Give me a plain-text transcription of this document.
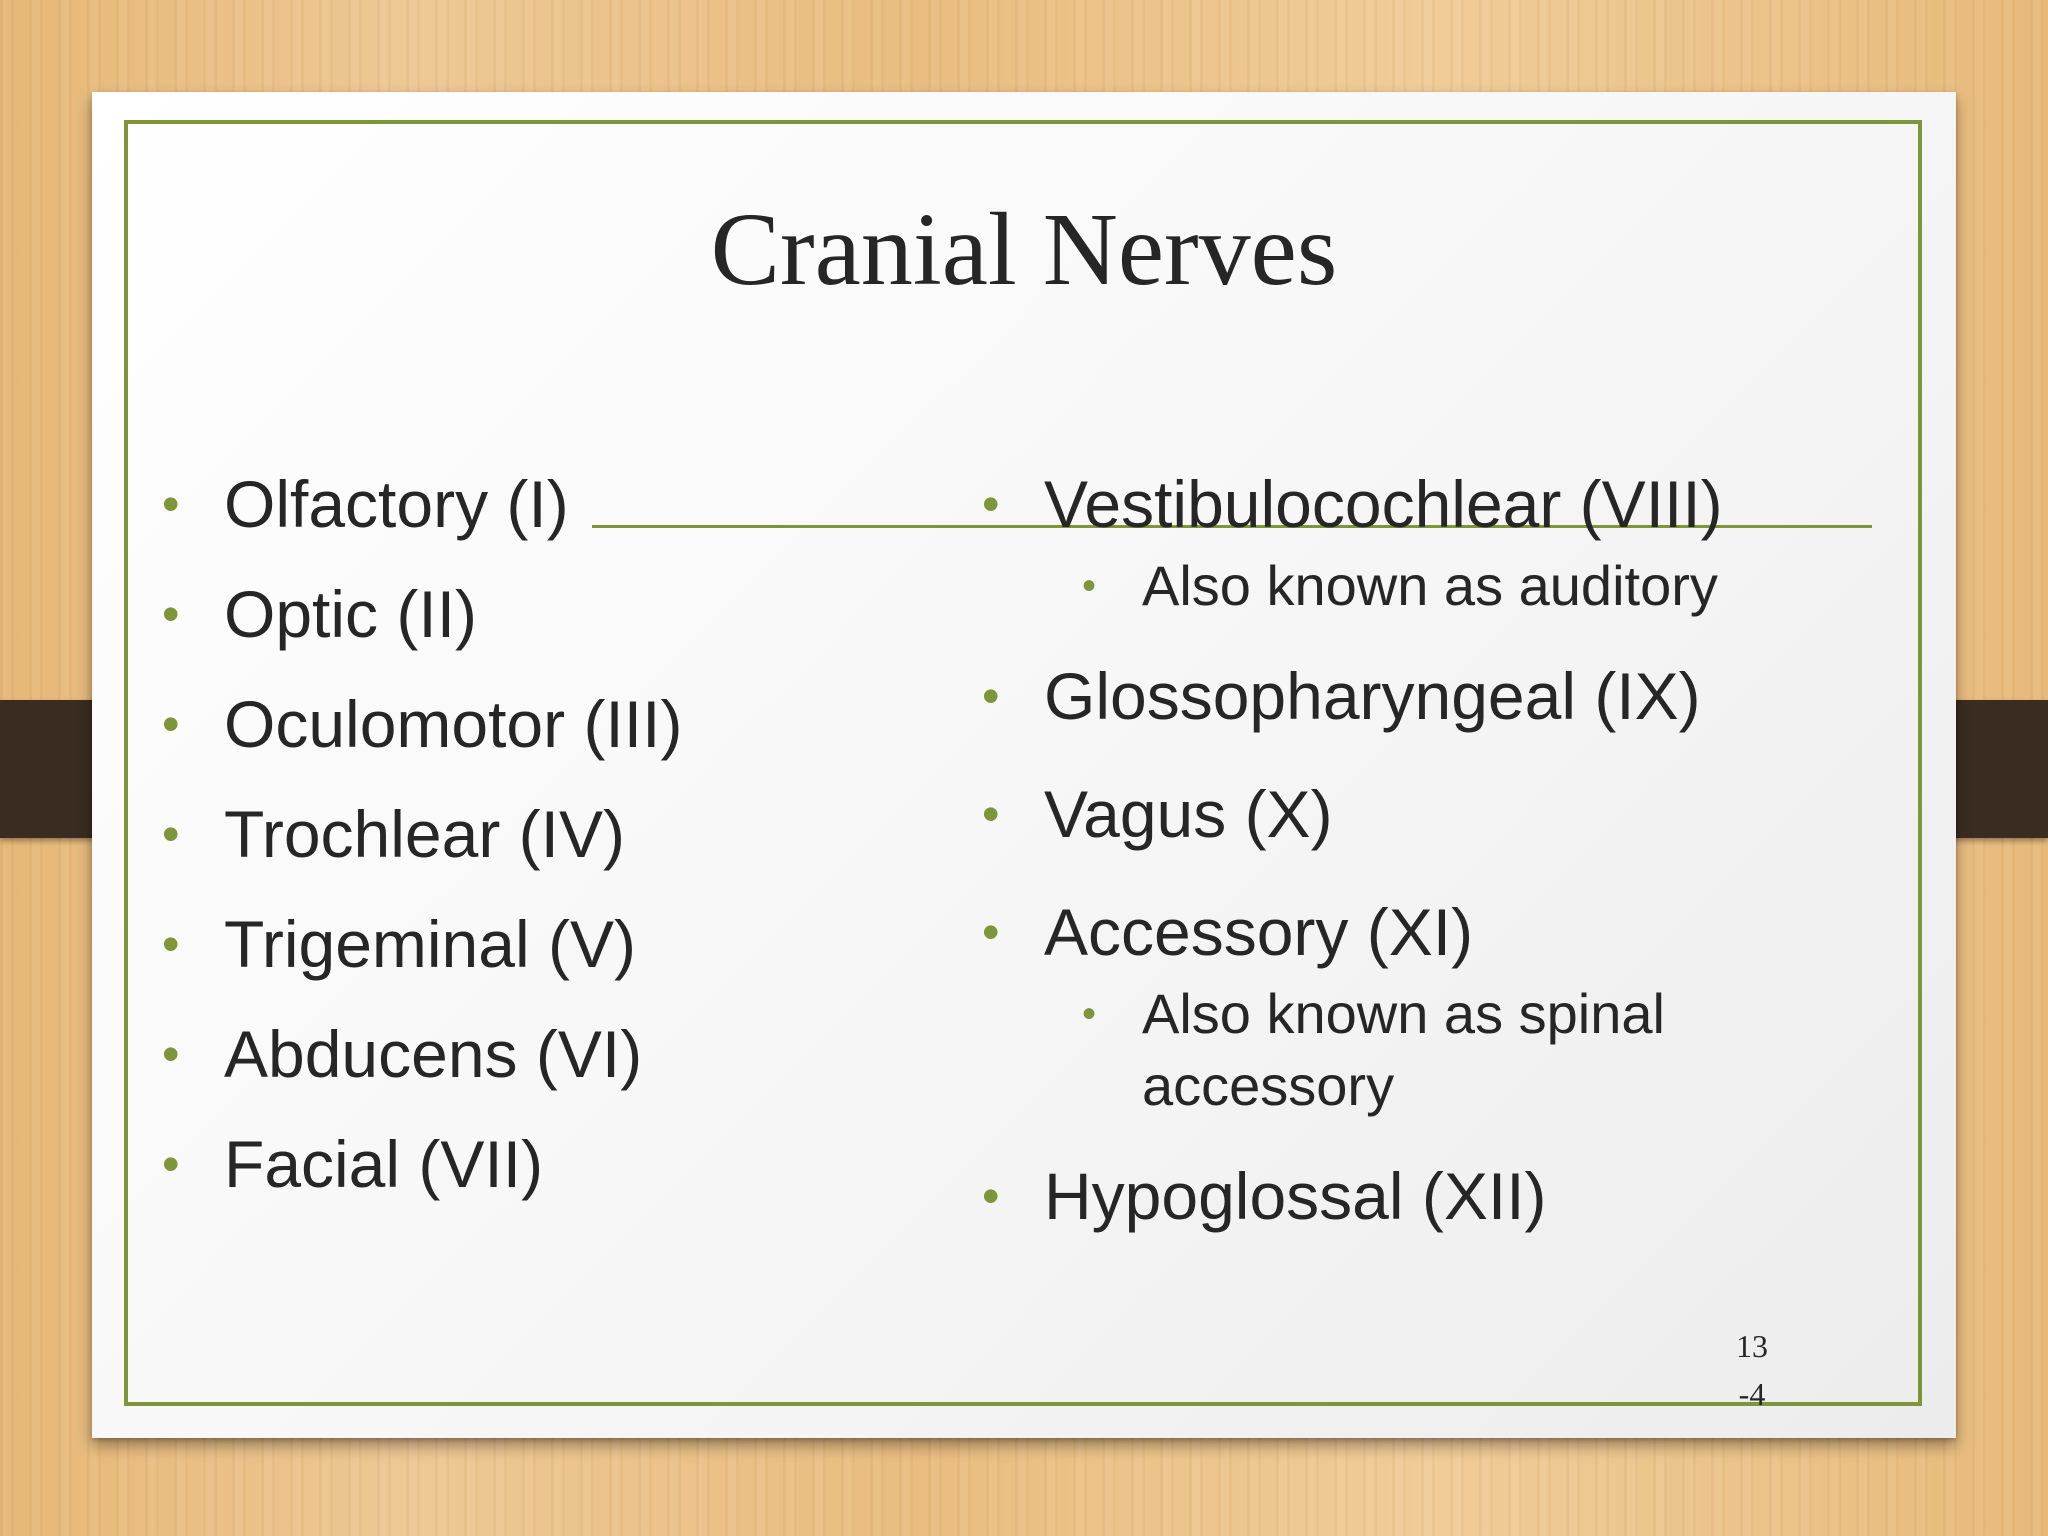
Cranial Nerves
• Olfactory (I)
• Optic (II)
• Oculomotor (III)
• Trochlear (IV)
• Trigeminal (V)
• Abducens (VI)
• Facial (VII)
• Vestibulocochlear (VIII)
• Also known as auditory
• Glossopharyngeal (IX)
• Vagus (X)
• Accessory (XI)
• Also known as spinal accessory
• Hypoglossal (XII)
13
-4
